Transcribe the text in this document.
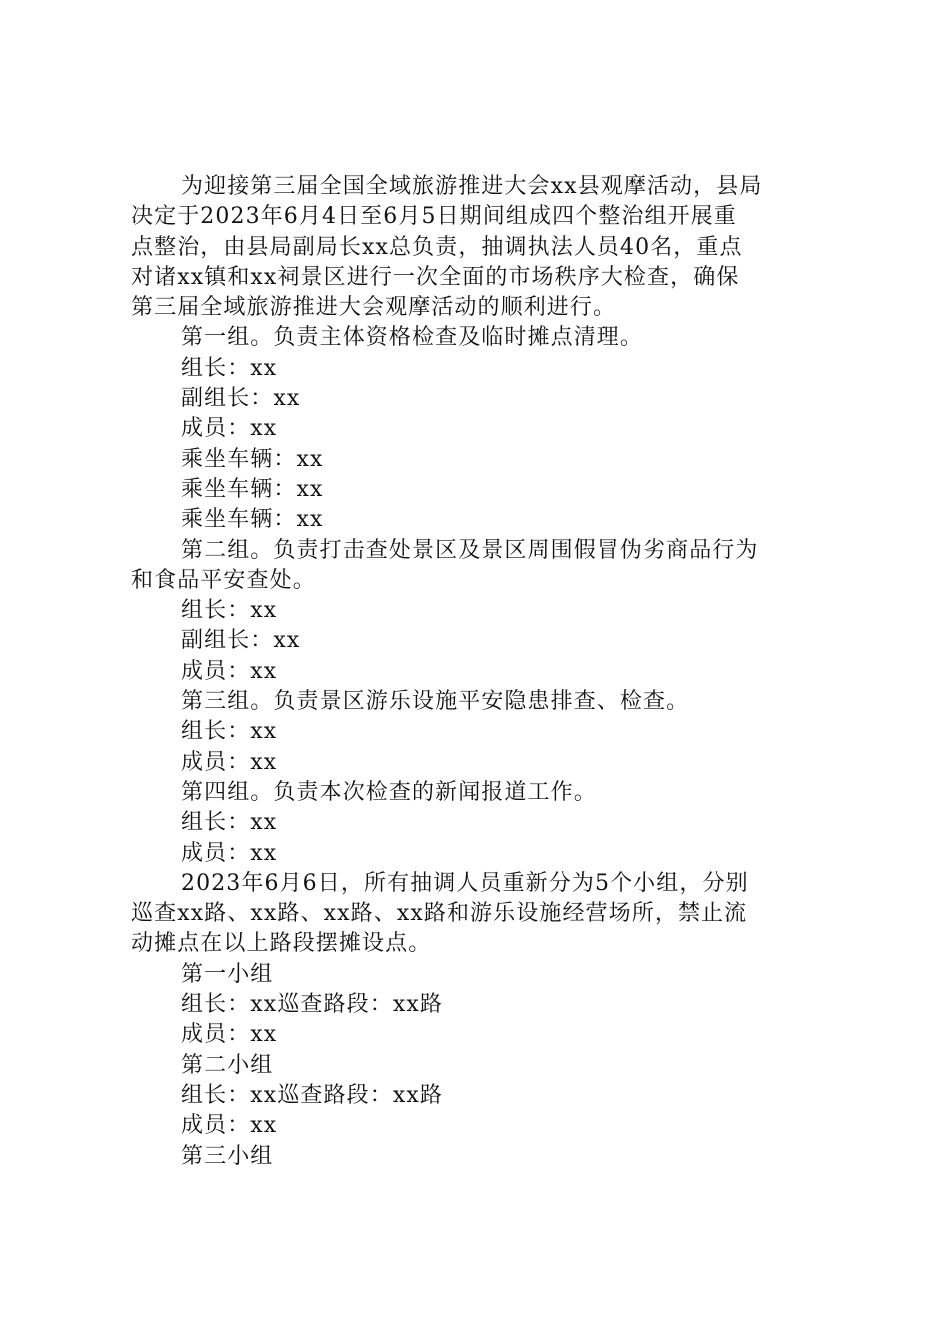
为迎接第三届全国全域旅游推进大会xx县观摩活动，县局
决定于2023年6月4日至6月5日期间组成四个整治组开展重
点整治，由县局副局长xx总负责，抽调执法人员40名，重点
对诸xx镇和xx祠景区进行一次全面的市场秩序大检查，确保
第三届全域旅游推进大会观摩活动的顺利进行。
第一组。负责主体资格检查及临时摊点清理。
组长：xx
副组长：xx
成员：xx
乘坐车辆：xx
乘坐车辆：xx
乘坐车辆：xx
第二组。负责打击查处景区及景区周围假冒伪劣商品行为
和食品平安查处。
组长：xx
副组长：xx
成员：xx
第三组。负责景区游乐设施平安隐患排查、检查。
组长：xx
成员：xx
第四组。负责本次检查的新闻报道工作。
组长：xx
成员：xx
2023年6月6日，所有抽调人员重新分为5个小组，分别
巡查xx路、xx路、xx路、xx路和游乐设施经营场所，禁止流
动摊点在以上路段摆摊设点。
第一小组
组长：xx巡查路段：xx路
成员：xx
第二小组
组长：xx巡查路段：xx路
成员：xx
第三小组
